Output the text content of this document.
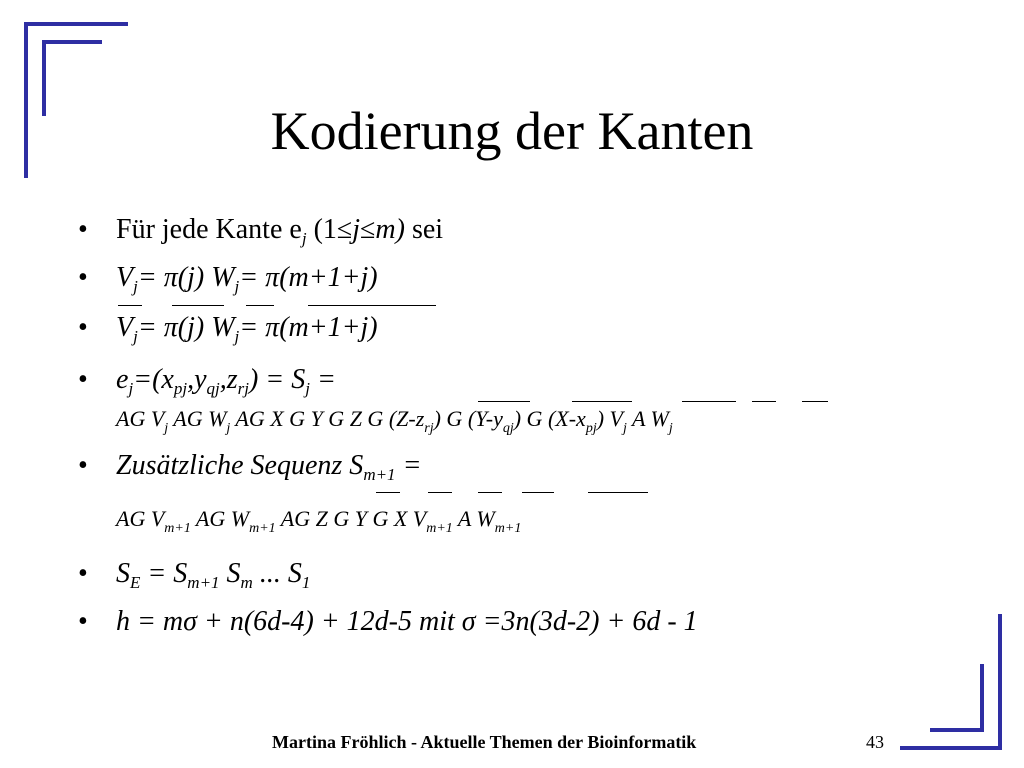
Kodierung der Kanten
•
•
•
•
•
•
•
Für jede Kante $e_j$ (1≤j≤m) sei
$V_j= \pi(j)$ $W_j= \pi(m+1+j)$
$V_j= \pi(j)$ $W_j= \pi(m+1+j)$
$e_j=(x_{pj},y_{qj},z_{rj}) = S_j$ =
AG $V_j$ AG $W_j$ AG X G Y G Z G $(Z-z_{rj})$ G $(Y-y_{qj})$ G $(X-x_{pj})$ $V_j$ A $W_j$
Zusätzliche Sequenz $S_{m+1}$ =
AG $V_{m+1}$ AG $W_{m+1}$ AG Z G Y G X $V_{m+1}$ A $W_{m+1}$
$S_E = S_{m+1}$ $S_m$ ... $S_1$
h = mσ + n(6d-4) + 12d-5 mit σ =3n(3d-2) + 6d - 1
Martina Fröhlich - Aktuelle Themen der Bioinformatik	43
